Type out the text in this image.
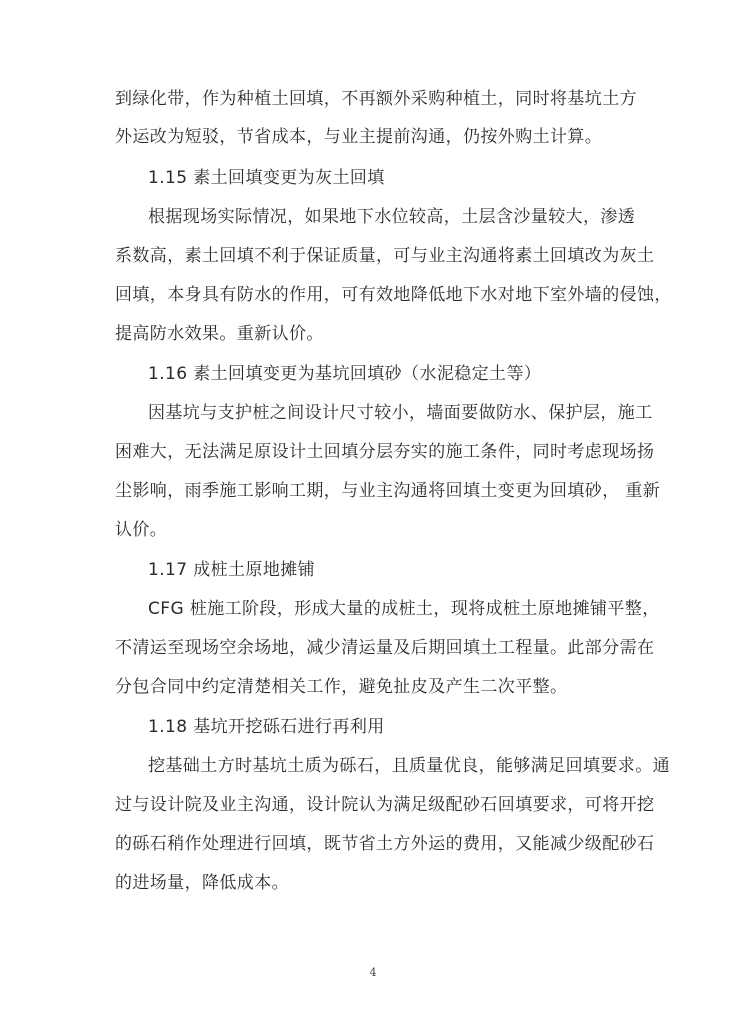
到绿化带，作为种植土回填，不再额外采购种植土，同时将基坑土方
外运改为短驳，节省成本，与业主提前沟通，仍按外购土计算。
1.15 素土回填变更为灰土回填
根据现场实际情况，如果地下水位较高，土层含沙量较大，渗透
系数高，素土回填不利于保证质量，可与业主沟通将素土回填改为灰土
回填，本身具有防水的作用，可有效地降低地下水对地下室外墙的侵蚀，
提高防水效果。重新认价。
1.16 素土回填变更为基坑回填砂（水泥稳定土等）
因基坑与支护桩之间设计尺寸较小，墙面要做防水、保护层，施工
困难大，无法满足原设计土回填分层夯实的施工条件，同时考虑现场扬
尘影响，雨季施工影响工期，与业主沟通将回填土变更为回填砂， 重新
认价。
1.17 成桩土原地摊铺
CFG 桩施工阶段，形成大量的成桩土，现将成桩土原地摊铺平整，
不清运至现场空余场地，减少清运量及后期回填土工程量。此部分需在
分包合同中约定清楚相关工作，避免扯皮及产生二次平整。
1.18 基坑开挖砾石进行再利用
挖基础土方时基坑土质为砾石，且质量优良，能够满足回填要求。通
过与设计院及业主沟通，设计院认为满足级配砂石回填要求，可将开挖
的砾石稍作处理进行回填，既节省土方外运的费用，又能减少级配砂石
的进场量，降低成本。
4
